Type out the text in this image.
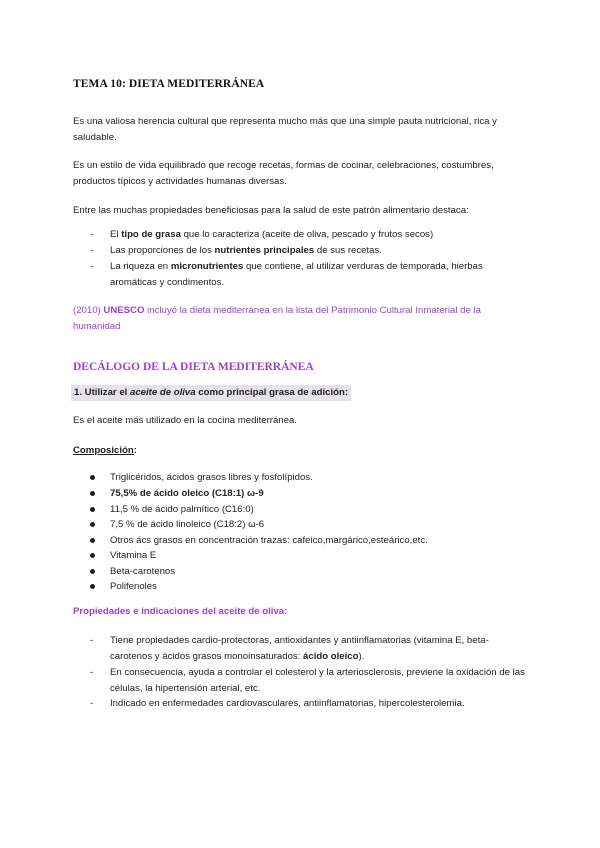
TEMA 10: DIETA MEDITERRÁNEA
Es una valiosa herencia cultural que representa mucho más que una simple pauta nutricional, rica y saludable.
Es un estilo de vida equilibrado que recoge recetas, formas de cocinar, celebraciones, costumbres, productos típicos y actividades humanas diversas.
Entre las muchas propiedades beneficiosas para la salud de este patrón alimentario destaca:
- El tipo de grasa que lo caracteriza (aceite de oliva, pescado y frutos secos)
- Las proporciones de los nutrientes principales de sus recetas.
- La riqueza en micronutrientes que contiene, al utilizar verduras de temporada, hierbas aromáticas y condimentos.
(2010) UNESCO incluyó la dieta mediterránea en la lista del Patrimonio Cultural Inmaterial de la humanidad
DECÁLOGO DE LA DIETA MEDITERRÁNEA
1. Utilizar el aceite de oliva como principal grasa de adición:
Es el aceite más utilizado en la cocina mediterránea.
Composición:
Triglicéridos, ácidos grasos libres y fosfolípidos.
75,5% de ácido oleico (C18:1) ω-9
11,5 % de ácido palmítico (C16:0)
7,5 % de ácido linoleico (C18:2) ω-6
Otros ács grasos en concentración trazas: cafeico,margárico,esteárico,etc.
Vitamina E
Beta-carotenos
Polifenoles
Propiedades e indicaciones del aceite de oliva:
- Tiene propiedades cardio-protectoras, antioxidantes y antiinflamatorias (vitamina E, beta-carotenos y ácidos grasos monoinsaturados: ácido oleico).
- En consecuencia, ayuda a controlar el colesterol y la arteriosclerosis, previene la oxidación de las células, la hipertensión arterial, etc.
- Indicado en enfermedades cardiovasculares, antiinflamatorias, hipercolesterolemia.
